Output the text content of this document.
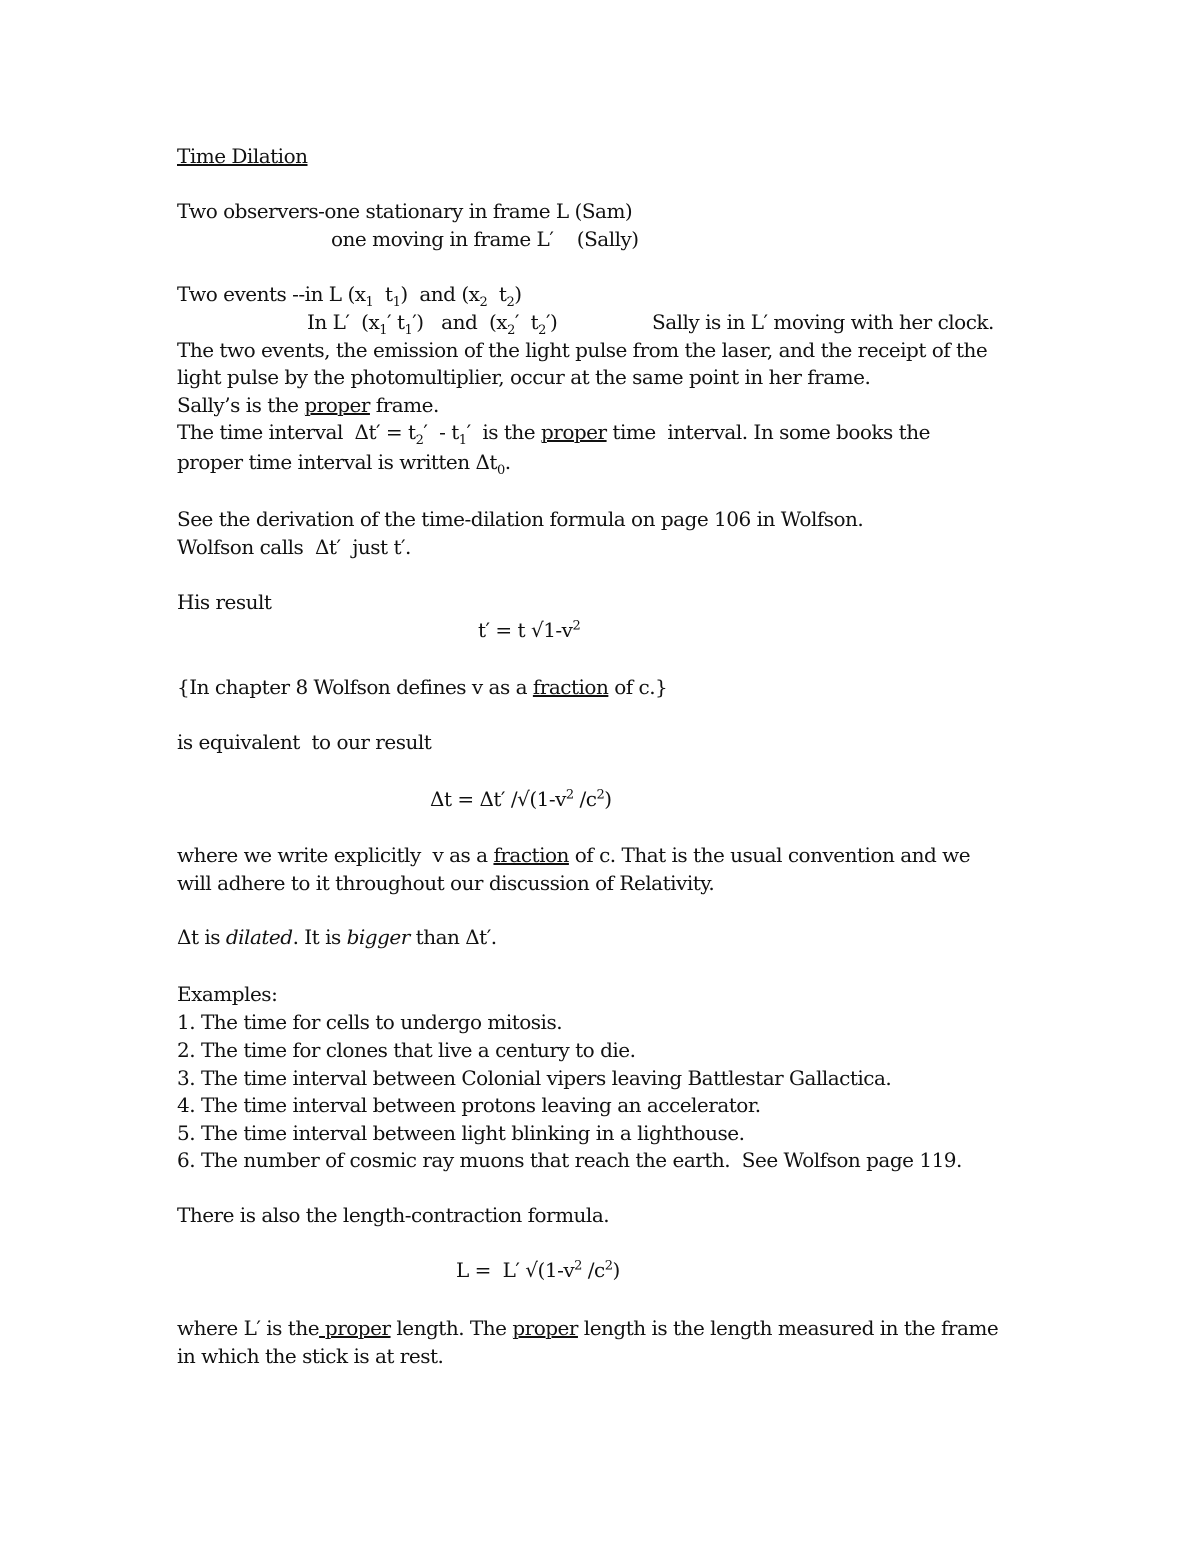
Time Dilation
Two observers-one stationary in frame L (Sam)
one moving in frame L′    (Sally)
Two events --in L ($x_1$  $t_1$)  and ($x_2$  $t_2$)
In L′  ($x_1'$ $t_1'$)   and  ($x_2'$  $t_2'$)	Sally is in L′ moving with her clock.
The two events, the emission of the light pulse from the laser, and the receipt of the
light pulse by the photomultiplier, occur at the same point in her frame.
Sally’s is the proper frame.
The time interval  $\Delta t' = t_2' - t_1'$  is the proper time  interval. In some books the
proper time interval is written $\Delta t_0$.
See the derivation of the time-dilation formula on page 106 in Wolfson.
Wolfson calls  Δt′  just t′.
His result
t′ = t $√1-v^2$
{In chapter 8 Wolfson defines v as a fraction of c.}
is equivalent  to our result
Δt = Δt′ $/√(1-v^2$ $/c^2$)
where we write explicitly  v as a fraction of c. That is the usual convention and we
will adhere to it throughout our discussion of Relativity.
Δt is dilated. It is bigger than Δt′.
Examples:
1. The time for cells to undergo mitosis.
2. The time for clones that live a century to die.
3. The time interval between Colonial vipers leaving Battlestar Gallactica.
4. The time interval between protons leaving an accelerator.
5. The time interval between light blinking in a lighthouse.
6. The number of cosmic ray muons that reach the earth.  See Wolfson page 119.
There is also the length-contraction formula.
L =  L′ $√(1-v^2$ $/c^2$)
where L′ is the proper length. The proper length is the length measured in the frame
in which the stick is at rest.
